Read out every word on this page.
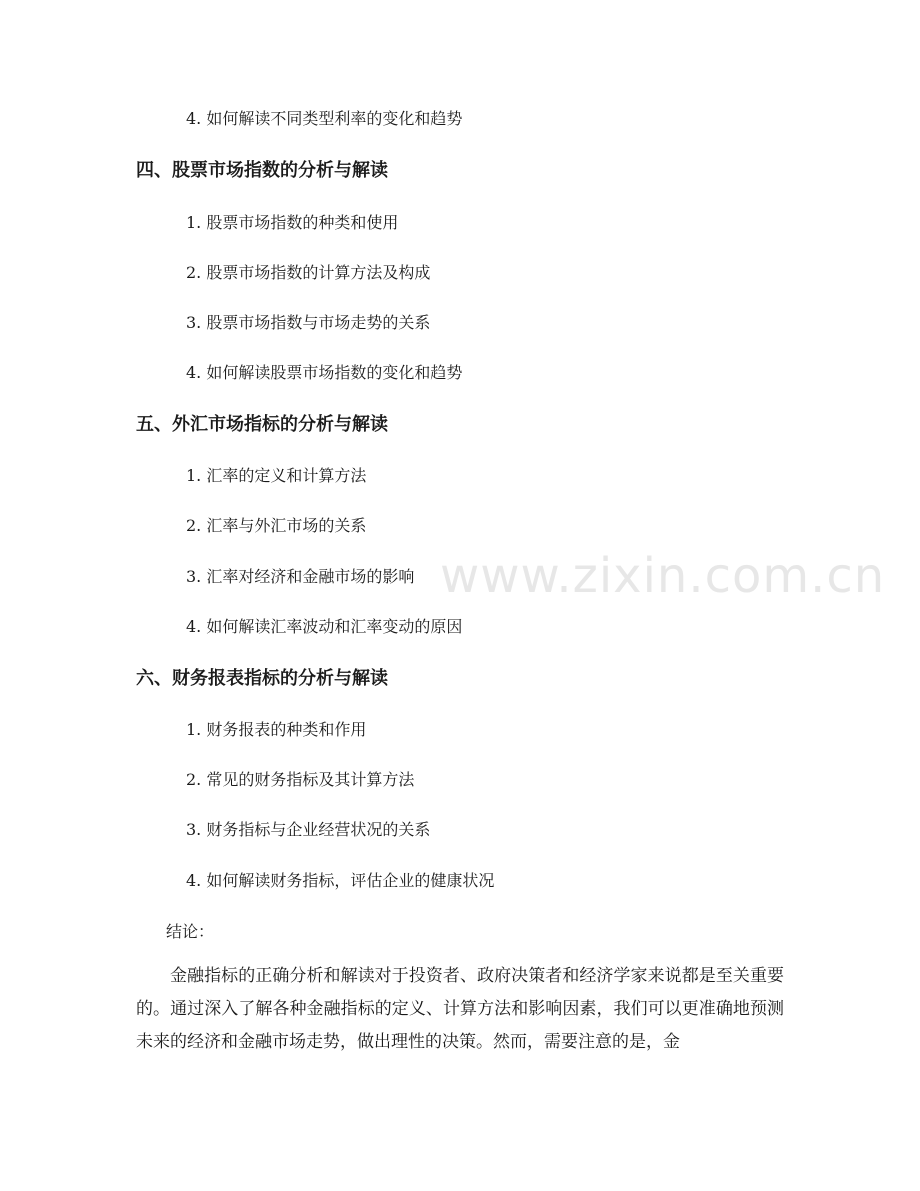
www.zixin.com.cn
4. 如何解读不同类型利率的变化和趋势
四、股票市场指数的分析与解读
1. 股票市场指数的种类和使用
2. 股票市场指数的计算方法及构成
3. 股票市场指数与市场走势的关系
4. 如何解读股票市场指数的变化和趋势
五、外汇市场指标的分析与解读
1. 汇率的定义和计算方法
2. 汇率与外汇市场的关系
3. 汇率对经济和金融市场的影响
4. 如何解读汇率波动和汇率变动的原因
六、财务报表指标的分析与解读
1. 财务报表的种类和作用
2. 常见的财务指标及其计算方法
3. 财务指标与企业经营状况的关系
4. 如何解读财务指标，评估企业的健康状况
结论：
金融指标的正确分析和解读对于投资者、政府决策者和经济学家来说都是至关重要的。通过深入了解各种金融指标的定义、计算方法和影响因素，我们可以更准确地预测未来的经济和金融市场走势，做出理性的决策。然而，需要注意的是，金
